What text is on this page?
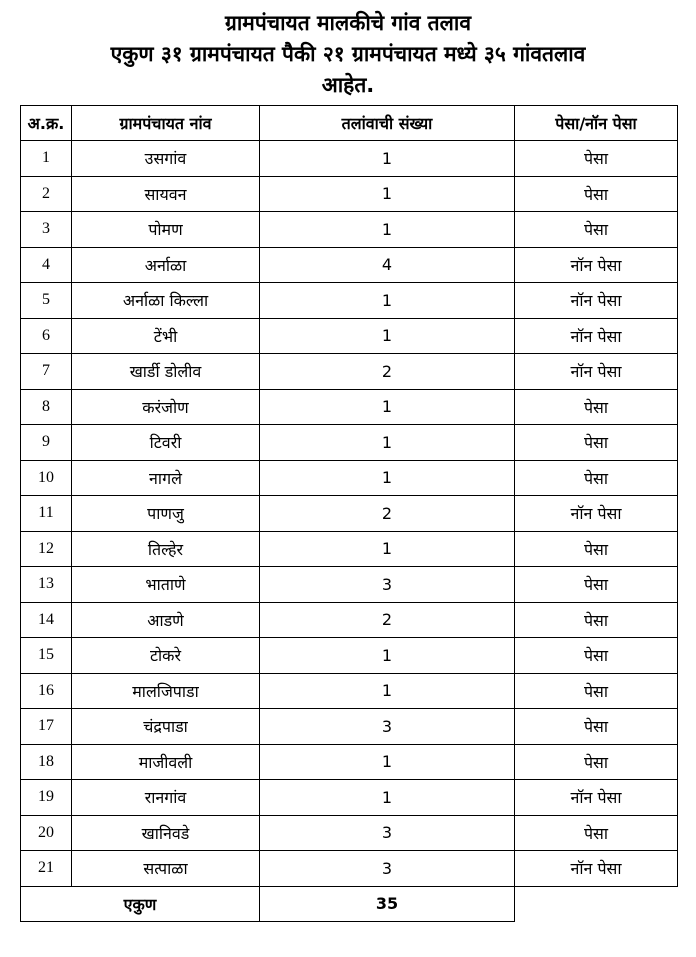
ग्रामपंचायत मालकीचे गांव तलाव
एकुण ३१ ग्रामपंचायत पैकी २१ ग्रामपंचायत मध्ये ३५ गांवतलाव
आहेत.
अ.क्र.	ग्रामपंचायत नांव	तलांवाची संख्या	पेसा/नॉन पेसा
1	उसगांव	1	पेसा
2	सायवन	1	पेसा
3	पोमण	1	पेसा
4	अर्नाळा	4	नॉन पेसा
5	अर्नाळा किल्ला	1	नॉन पेसा
6	टेंभी	1	नॉन पेसा
7	खार्डी डोलीव	2	नॉन पेसा
8	करंजोण	1	पेसा
9	टिवरी	1	पेसा
10	नागले	1	पेसा
11	पाणजु	2	नॉन पेसा
12	तिल्हेर	1	पेसा
13	भाताणे	3	पेसा
14	आडणे	2	पेसा
15	टोकरे	1	पेसा
16	मालजिपाडा	1	पेसा
17	चंद्रपाडा	3	पेसा
18	माजीवली	1	पेसा
19	रानगांव	1	नॉन पेसा
20	खानिवडे	3	पेसा
21	सत्पाळा	3	नॉन पेसा
एकुण		35	
